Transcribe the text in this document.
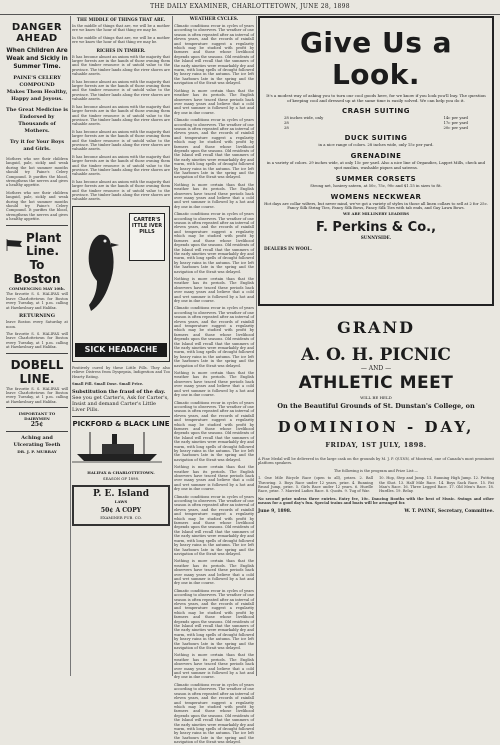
THE DAILY EXAMINER, CHARLOTTETOWN, JUNE 28, 1898
DANGER AHEAD
When Children Are
Weak and Sickly in
Summer Time.
PAINE'S CELERY COMPOUND
Makes Them Healthy,
Happy and Joyous.
The Great Medicine is Endorsed by Thousands of Mothers.
Try it for Your Boys and Girls.

Mothers who see their children languid, pale, sickly and weak during the hot summer months should try Paine's Celery Compound. It purifies the blood, strengthens the nerves and gives a healthy appetite.

Mothers who see their children languid, pale, sickly and weak during the hot summer months should try Paine's Celery Compound. It purifies the blood, strengthens the nerves and gives a healthy appetite.

Plant Line.
To Boston
COMMENCING MAY 10th.

The favorite S. S. HALIFAX will leave Charlottetown for Boston every Tuesday, at 1 p.m. calling at Hawkesbury and Halifax.

RETURNING

leave Boston every Saturday at noon.

The favorite S. S. HALIFAX will leave Charlottetown for Boston every Tuesday, at 1 p.m. calling at Hawkesbury and Halifax.

DOBELL LINE.

The favorite S. S. HALIFAX will leave Charlottetown for Boston every Tuesday, at 1 p.m. calling at Hawkesbury and Halifax.

IMPORTANT TO DAIRYMEN
25¢
Aching and Ulcerating Teeth
DR. J. P. MURRAY
THE MIDDLE OF THINGS THAT ARE.

In the middle of things that are, we will be a mother ere we know the hour of that thing we may be.

In the middle of things that are, we will be a mother ere we know the hour of that thing we may be.

RICHES IN TIMBER.

It has become almost an axiom with the majority that larger forests are in the hands of those owning them and the timber resource is of untold value to the province. The timber lands along the river shores are valuable assets.

It has become almost an axiom with the majority that larger forests are in the hands of those owning them and the timber resource is of untold value to the province. The timber lands along the river shores are valuable assets.

It has become almost an axiom with the majority that larger forests are in the hands of those owning them and the timber resource is of untold value to the province. The timber lands along the river shores are valuable assets.

It has become almost an axiom with the majority that larger forests are in the hands of those owning them and the timber resource is of untold value to the province. The timber lands along the river shores are valuable assets.

It has become almost an axiom with the majority that larger forests are in the hands of those owning them and the timber resource is of untold value to the province. The timber lands along the river shores are valuable assets.

It has become almost an axiom with the majority that larger forests are in the hands of those owning them and the timber resource is of untold value to the province. The timber lands along the river shores are valuable assets.

CARTER'S ITTLE IVER PILLS
SICK HEADACHE

Positively cured by these Little Pills. They also relieve Distress from Dyspepsia, Indigestion and Too Hearty Eating.

Small Pill. Small Dose. Small Price.

Substitution the fraud of the day.
See you get Carter's, Ask for Carter's, Insist and demand Carter's Little Liver Pills.
PICKFORD & BLACK LINE
HALIFAX & CHARLOTTETOWN.
SEASON OF 1898.
P. E. Island
LAWS
50¢ A COPY
EXAMINER PUB. CO.
WEATHER CYCLES.

Climatic conditions recur in cycles of years according to observers. The weather of one season is often repeated after an interval of eleven years, and the records of rainfall and temperature suggest a regularity which may be studied with profit by farmers and those whose livelihood depends upon the seasons. Old residents of the Island will recall that the summers of the early nineties were remarkably dry and warm, with long spells of drought followed by heavy rains in the autumn. The ice left the harbours late in the spring and the navigation of the Strait was delayed.

Nothing is more certain than that the weather has its periods. The English observers have traced these periods back over many years and believe that a cold and wet summer is followed by a hot and dry one in due course.

Climatic conditions recur in cycles of years according to observers. The weather of one season is often repeated after an interval of eleven years, and the records of rainfall and temperature suggest a regularity which may be studied with profit by farmers and those whose livelihood depends upon the seasons. Old residents of the Island will recall that the summers of the early nineties were remarkably dry and warm, with long spells of drought followed by heavy rains in the autumn. The ice left the harbours late in the spring and the navigation of the Strait was delayed.

Nothing is more certain than that the weather has its periods. The English observers have traced these periods back over many years and believe that a cold and wet summer is followed by a hot and dry one in due course.

Climatic conditions recur in cycles of years according to observers. The weather of one season is often repeated after an interval of eleven years, and the records of rainfall and temperature suggest a regularity which may be studied with profit by farmers and those whose livelihood depends upon the seasons. Old residents of the Island will recall that the summers of the early nineties were remarkably dry and warm, with long spells of drought followed by heavy rains in the autumn. The ice left the harbours late in the spring and the navigation of the Strait was delayed.

Nothing is more certain than that the weather has its periods. The English observers have traced these periods back over many years and believe that a cold and wet summer is followed by a hot and dry one in due course.

Climatic conditions recur in cycles of years according to observers. The weather of one season is often repeated after an interval of eleven years, and the records of rainfall and temperature suggest a regularity which may be studied with profit by farmers and those whose livelihood depends upon the seasons. Old residents of the Island will recall that the summers of the early nineties were remarkably dry and warm, with long spells of drought followed by heavy rains in the autumn. The ice left the harbours late in the spring and the navigation of the Strait was delayed.

Nothing is more certain than that the weather has its periods. The English observers have traced these periods back over many years and believe that a cold and wet summer is followed by a hot and dry one in due course.

Climatic conditions recur in cycles of years according to observers. The weather of one season is often repeated after an interval of eleven years, and the records of rainfall and temperature suggest a regularity which may be studied with profit by farmers and those whose livelihood depends upon the seasons. Old residents of the Island will recall that the summers of the early nineties were remarkably dry and warm, with long spells of drought followed by heavy rains in the autumn. The ice left the harbours late in the spring and the navigation of the Strait was delayed.

Nothing is more certain than that the weather has its periods. The English observers have traced these periods back over many years and believe that a cold and wet summer is followed by a hot and dry one in due course.

Climatic conditions recur in cycles of years according to observers. The weather of one season is often repeated after an interval of eleven years, and the records of rainfall and temperature suggest a regularity which may be studied with profit by farmers and those whose livelihood depends upon the seasons. Old residents of the Island will recall that the summers of the early nineties were remarkably dry and warm, with long spells of drought followed by heavy rains in the autumn. The ice left the harbours late in the spring and the navigation of the Strait was delayed.

Nothing is more certain than that the weather has its periods. The English observers have traced these periods back over many years and believe that a cold and wet summer is followed by a hot and dry one in due course.

Climatic conditions recur in cycles of years according to observers. The weather of one season is often repeated after an interval of eleven years, and the records of rainfall and temperature suggest a regularity which may be studied with profit by farmers and those whose livelihood depends upon the seasons. Old residents of the Island will recall that the summers of the early nineties were remarkably dry and warm, with long spells of drought followed by heavy rains in the autumn. The ice left the harbours late in the spring and the navigation of the Strait was delayed.

Nothing is more certain than that the weather has its periods. The English observers have traced these periods back over many years and believe that a cold and wet summer is followed by a hot and dry one in due course.

Climatic conditions recur in cycles of years according to observers. The weather of one season is often repeated after an interval of eleven years, and the records of rainfall and temperature suggest a regularity which may be studied with profit by farmers and those whose livelihood depends upon the seasons. Old residents of the Island will recall that the summers of the early nineties were remarkably dry and warm, with long spells of drought followed by heavy rains in the autumn. The ice left the harbours late in the spring and the navigation of the Strait was delayed.

Give Us a Look.
It's a modest way of asking you to turn our cool goods here, for we know if you look you'll buy. The question of keeping cool and dressed up at the same time is easily solved. We can help you do it.
CRASH SUITING
28 inches wide, only	14c per yard
28	17c per yard
28	20c per yard
DUCK SUITING
in a nice range of colors. 28 inches wide, only 15c per yard.
GRENADINE
in a variety of colors. 29 inches wide, at only 15c per yard. Also a nice line of Organdies, Lappet Mills, check and spot muslins, washable piques and sateens.
SUMMER CORSETS
Strong net, hosiery sateen, at 50c, 75c, 90c and $1.15 in sizes to fit.
WOMENS NECKWEAR
Hot days are collar wilters, but never mind, we've got a variety of styles in those all linen collars to sell at 2 for 25c. Fancy Silk String Ties, Fancy Silk Bows, Fancy Silk Ties with tab ends, and Gay Lawn Bows.
WE ARE MILLINERY LEADERS
F. Perkins & Co.,
SUNNYSIDE.
DEALERS IN WOOL.
GRAND
A. O. H. PICNIC
— AND —
ATHLETIC MEET
WILL BE HELD
On the Beautiful Grounds of St. Dunstan's College, on
DOMINION - DAY,
FRIDAY, 1ST JULY, 1898.
A Fine Medal will be delivered in the large cask on the grounds by M. J. P. QUINN, of Montreal, one of Canada's most prominent platform speakers.
The following is the program and Prize List:—
1. One Mile Bicycle Race (open to all), prizes. 2. Ball Throwing. 3. Boys Race under 12 years, prize. 4. Running Broad Jump, prize. 5. Girls Race under 12 years. 6. Hurdle Race, prize. 7. Married Ladies Race. 8. Quoits. 9. Tug of War.
10. Hop, Step and Jump. 11. Running High Jump. 12. Putting the Shot. 13. Half Mile Race. 14. Boys Sack Race. 15. Fat Man's Race. 16. Three Legged Race. 17. Old Men's Race. 18. Hurdles. 19. Relay.
No second prize unless three entries. Entry fee, 10c. Dancing Booths with the best of Music. Swings and other means for a good day's fun. Special trains and boats will be arranged for.
June 9, 1898.	W. T. PAYNE, Secretary, Committee.
